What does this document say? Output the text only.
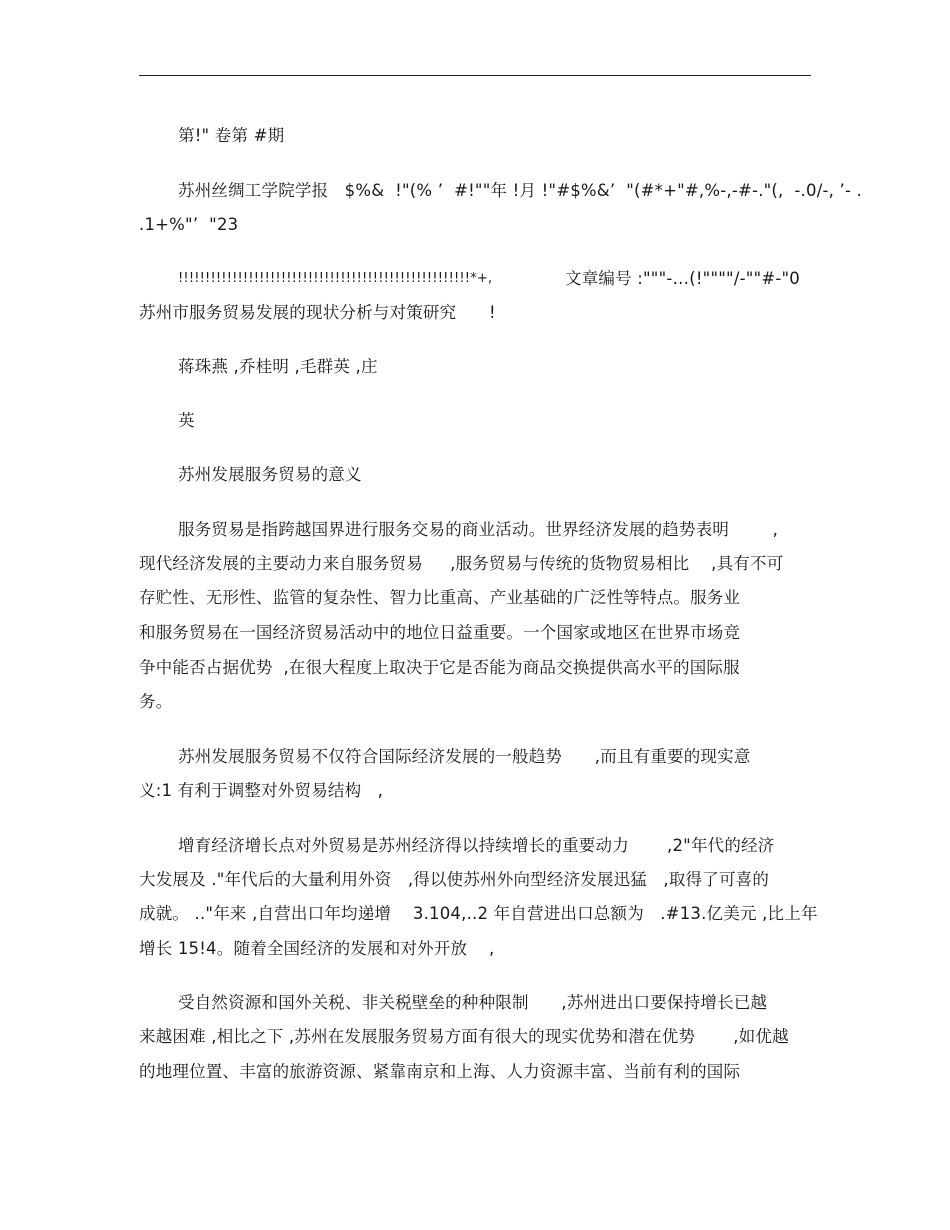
第!" 卷第 #期
苏州丝绸工学院学报   $%&  !"(% ’  #!""年 !月 !"#$%&’  "(#*+"#,%-,-#-."(,  ‐.0/-, ’- .
.1+%"’  "23
!!!!!!!!!!!!!!!!!!!!!!!!!!!!!!!!!!!!!!!!!!!!!!!!!!!!!!*+,	文章编号 :"""-…(!""""/-""#-"0
苏州市服务贸易发展的现状分析与对策研究      !
蒋珠燕 ,乔桂明 ,毛群英 ,庄
英
苏州发展服务贸易的意义
服务贸易是指跨越国界进行服务交易的商业活动。世界经济发展的趋势表明        ,
现代经济发展的主要动力来自服务贸易     ,服务贸易与传统的货物贸易相比    ,具有不可
存贮性、无形性、监管的复杂性、智力比重高、产业基础的广泛性等特点。服务业
和服务贸易在一国经济贸易活动中的地位日益重要。一个国家或地区在世界市场竞
争中能否占据优势  ,在很大程度上取决于它是否能为商品交换提供高水平的国际服
务。
苏州发展服务贸易不仅符合国际经济发展的一般趋势      ,而且有重要的现实意
义:1 有利于调整对外贸易结构   ,
增育经济增长点对外贸易是苏州经济得以持续增长的重要动力       ,2"年代的经济
大发展及 ."年代后的大量利用外资   ,得以使苏州外向型经济发展迅猛   ,取得了可喜的
成就。 .."年来 ,自营出口年均递增    3.104,..2 年自营进出口总额为   .#13.亿美元 ,比上年
增长 15!4。随着全国经济的发展和对外开放    ,
受自然资源和国外关税、非关税壁垒的种种限制      ,苏州进出口要保持增长已越
来越困难 ,相比之下 ,苏州在发展服务贸易方面有很大的现实优势和潜在优势       ,如优越
的地理位置、丰富的旅游资源、紧靠南京和上海、人力资源丰富、当前有利的国际
